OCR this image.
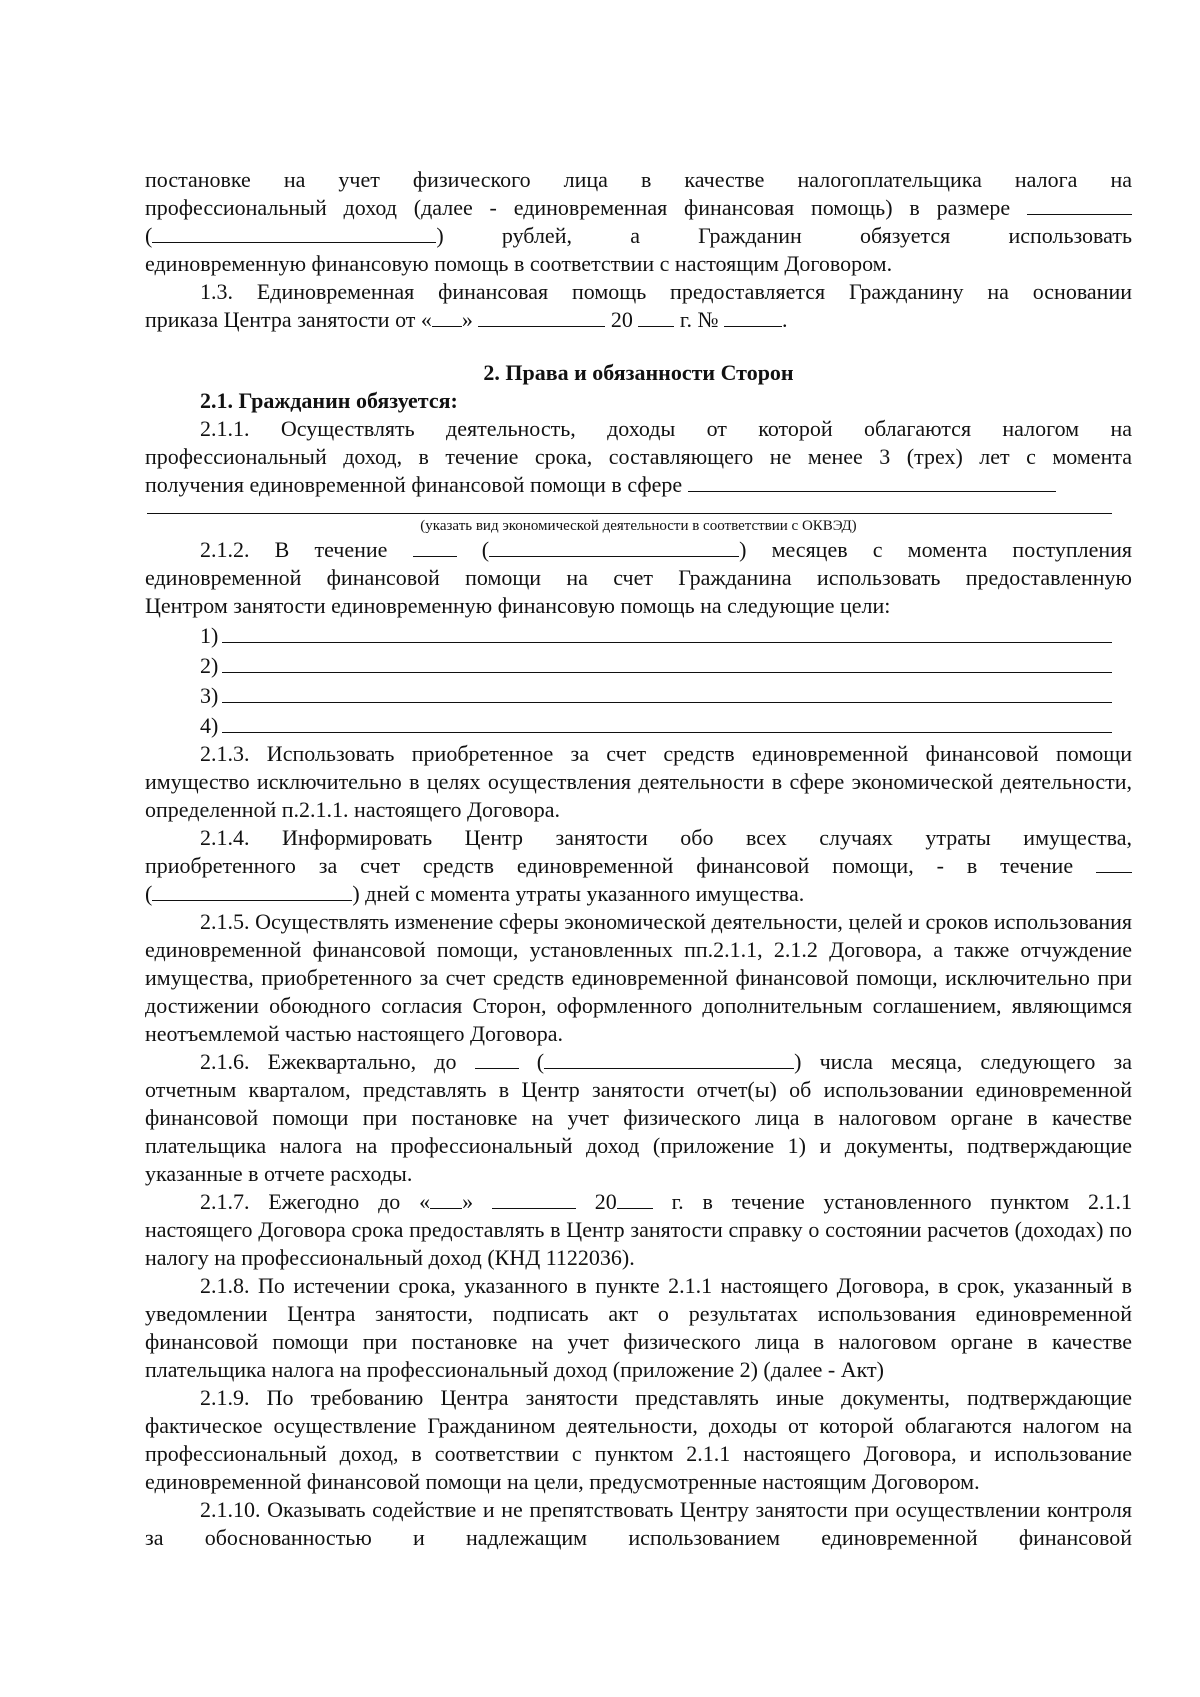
постановке на учет физического лица в качестве налогоплательщика налога на

профессиональный доход (далее - единовременная финансовая помощь) в размере

(	) рублей, а Гражданин обязуется использовать

единовременную финансовую помощь в соответствии с настоящим Договором.

1.3. Единовременная финансовая помощь предоставляется Гражданину на основании

приказа Центра занятости от « »	20 г. №	.

2. Права и обязанности Сторон

2.1. Гражданин обязуется:

2.1.1. Осуществлять деятельность, доходы от которой облагаются налогом на

профессиональный доход, в течение срока, составляющего не менее 3 (трех) лет с момента

получения единовременной финансовой помощи в сфере

(указать вид экономической деятельности в соответствии с ОКВЭД)

2.1.2. В течение	(	) месяцев с момента поступления

единовременной финансовой помощи на счет Гражданина использовать предоставленную

Центром занятости единовременную финансовую помощь на следующие цели:

1)
2)
3)
4)

2.1.3. Использовать приобретенное за счет средств единовременной финансовой помощи имущество исключительно в целях осуществления деятельности в сфере экономической деятельности, определенной п.2.1.1. настоящего Договора.

2.1.4. Информировать Центр занятости обо всех случаях утраты имущества,

приобретенного за счет средств единовременной финансовой помощи, - в течение

(	) дней с момента утраты указанного имущества.

2.1.5. Осуществлять изменение сферы экономической деятельности, целей и сроков использования единовременной финансовой помощи, установленных пп.2.1.1, 2.1.2 Договора, а также отчуждение имущества, приобретенного за счет средств единовременной финансовой помощи, исключительно при достижении обоюдного согласия Сторон, оформленного дополнительным соглашением, являющимся неотъемлемой частью настоящего Договора.

2.1.6. Ежеквартально, до	(	) числа месяца, следующего за

отчетным кварталом, представлять в Центр занятости отчет(ы) об использовании единовременной финансовой помощи при постановке на учет физического лица в налоговом органе в качестве плательщика налога на профессиональный доход (приложение 1) и документы, подтверждающие указанные в отчете расходы.

2.1.7. Ежегодно до « »	20 г. в течение установленного пунктом 2.1.1

настоящего Договора срока предоставлять в Центр занятости справку о состоянии расчетов (доходах) по налогу на профессиональный доход (КНД 1122036).

2.1.8. По истечении срока, указанного в пункте 2.1.1 настоящего Договора, в срок, указанный в уведомлении Центра занятости, подписать акт о результатах использования единовременной финансовой помощи при постановке на учет физического лица в налоговом органе в качестве плательщика налога на профессиональный доход (приложение 2) (далее - Акт)

2.1.9. По требованию Центра занятости представлять иные документы, подтверждающие фактическое осуществление Гражданином деятельности, доходы от которой облагаются налогом на профессиональный доход, в соответствии с пунктом 2.1.1 настоящего Договора, и использование единовременной финансовой помощи на цели, предусмотренные настоящим Договором.

2.1.10. Оказывать содействие и не препятствовать Центру занятости при осуществлении контроля за обоснованностью и надлежащим использованием единовременной финансовой
